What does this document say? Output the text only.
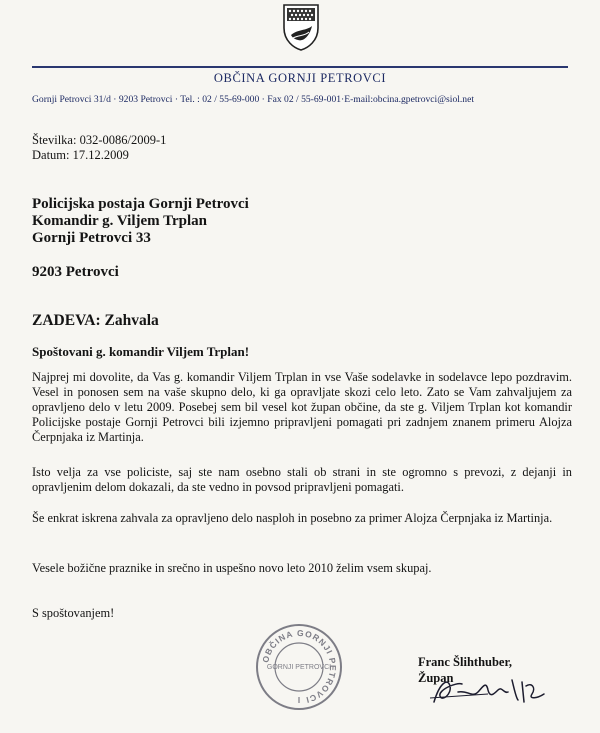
OBČINA GORNJI PETROVCI
Gornji Petrovci 31/d · 9203 Petrovci · Tel. : 02 / 55-69-000 · Fax 02 / 55-69-001·E-mail:obcina.gpetrovci@siol.net
Številka: 032-0086/2009-1
Datum: 17.12.2009
Policijska postaja Gornji Petrovci
Komandir g. Viljem Trplan
Gornji Petrovci 33
9203 Petrovci
ZADEVA: Zahvala
Spoštovani g. komandir Viljem Trplan!
Najprej mi dovolite, da Vas g. komandir Viljem Trplan in vse Vaše sodelavke in sodelavce lepo pozdravim. Vesel in ponosen sem na vaše skupno delo, ki ga opravljate skozi celo leto. Zato se Vam zahvaljujem za opravljeno delo v letu 2009. Posebej sem bil vesel kot župan občine, da ste g. Viljem Trplan kot komandir Policijske postaje Gornji Petrovci bili izjemno pripravljeni pomagati pri zadnjem znanem primeru Alojza Čerpnjaka iz Martinja.
Isto velja za vse policiste, saj ste nam osebno stali ob strani in ste ogromno s prevozi, z dejanji in opravljenim delom dokazali, da ste vedno in povsod pripravljeni pomagati.
Še enkrat iskrena zahvala za opravljeno delo nasploh in posebno za primer Alojza Čerpnjaka iz Martinja.
Vesele božične praznike in srečno in uspešno novo leto 2010 želim vsem skupaj.
S spoštovanjem!
OBČINA GORNJI PETROVCI
GORNJI PETROVCI	Franc Šlihthuber,
Župan
